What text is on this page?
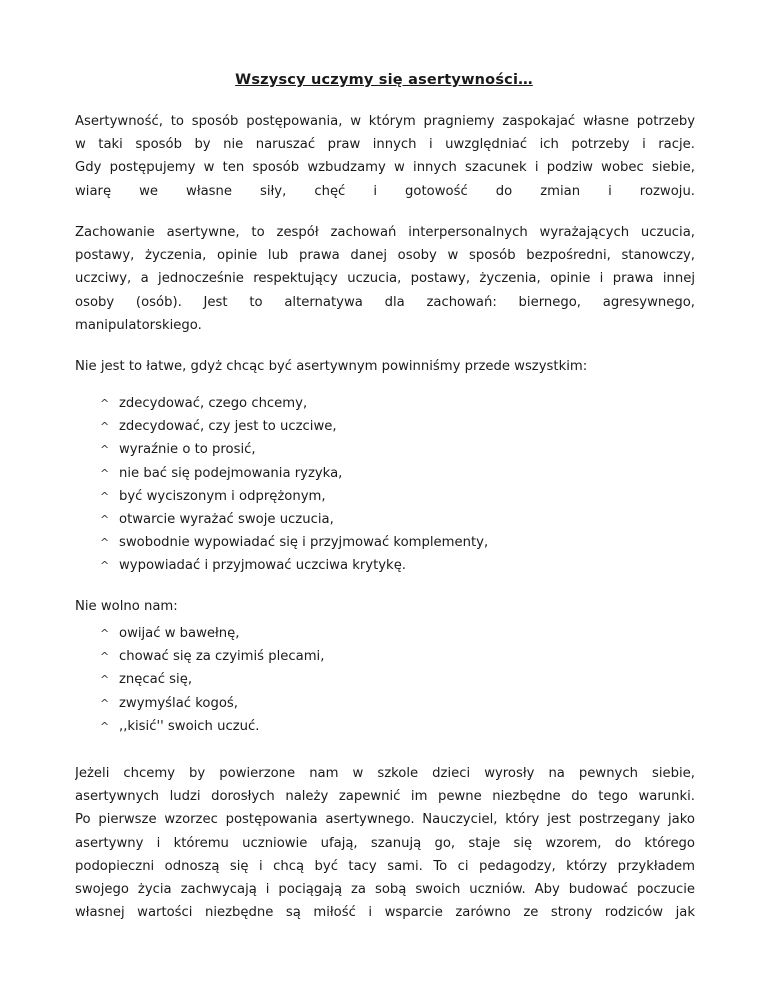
Wszyscy uczymy się asertywności…
Asertywność, to sposób postępowania, w którym pragniemy zaspokajać własne potrzeby
w taki sposób by nie naruszać praw innych i uwzględniać ich potrzeby i racje.
Gdy postępujemy w ten sposób wzbudzamy w innych szacunek i podziw wobec siebie,
wiarę we własne siły, chęć i gotowość do zmian i rozwoju.
Zachowanie asertywne, to zespół zachowań interpersonalnych wyrażających uczucia,
postawy, życzenia, opinie lub prawa danej osoby w sposób bezpośredni, stanowczy,
uczciwy, a jednocześnie respektujący uczucia, postawy, życzenia, opinie i prawa innej
osoby (osób). Jest to alternatywa dla zachowań: biernego, agresywnego,
manipulatorskiego.
Nie jest to łatwe, gdyż chcąc być asertywnym powinniśmy przede wszystkim:
^ zdecydować, czego chcemy,
^ zdecydować, czy jest to uczciwe,
^ wyraźnie o to prosić,
^ nie bać się podejmowania ryzyka,
^ być wyciszonym i odprężonym,
^ otwarcie wyrażać swoje uczucia,
^ swobodnie wypowiadać się i przyjmować komplementy,
^ wypowiadać i przyjmować uczciwa krytykę.
Nie wolno nam:
^ owijać w bawełnę,
^ chować się za czyimiś plecami,
^ znęcać się,
^ zwymyślać kogoś,
^ ,,kisić'' swoich uczuć.
Jeżeli chcemy by powierzone nam w szkole dzieci wyrosły na pewnych siebie,
asertywnych ludzi dorosłych należy zapewnić im pewne niezbędne do tego warunki.
Po pierwsze wzorzec postępowania asertywnego. Nauczyciel, który jest postrzegany jako
asertywny i któremu uczniowie ufają, szanują go, staje się wzorem, do którego
podopieczni odnoszą się i chcą być tacy sami. To ci pedagodzy, którzy przykładem
swojego życia zachwycają i pociągają za sobą swoich uczniów. Aby budować poczucie
własnej wartości niezbędne są miłość i wsparcie zarówno ze strony rodziców jak
